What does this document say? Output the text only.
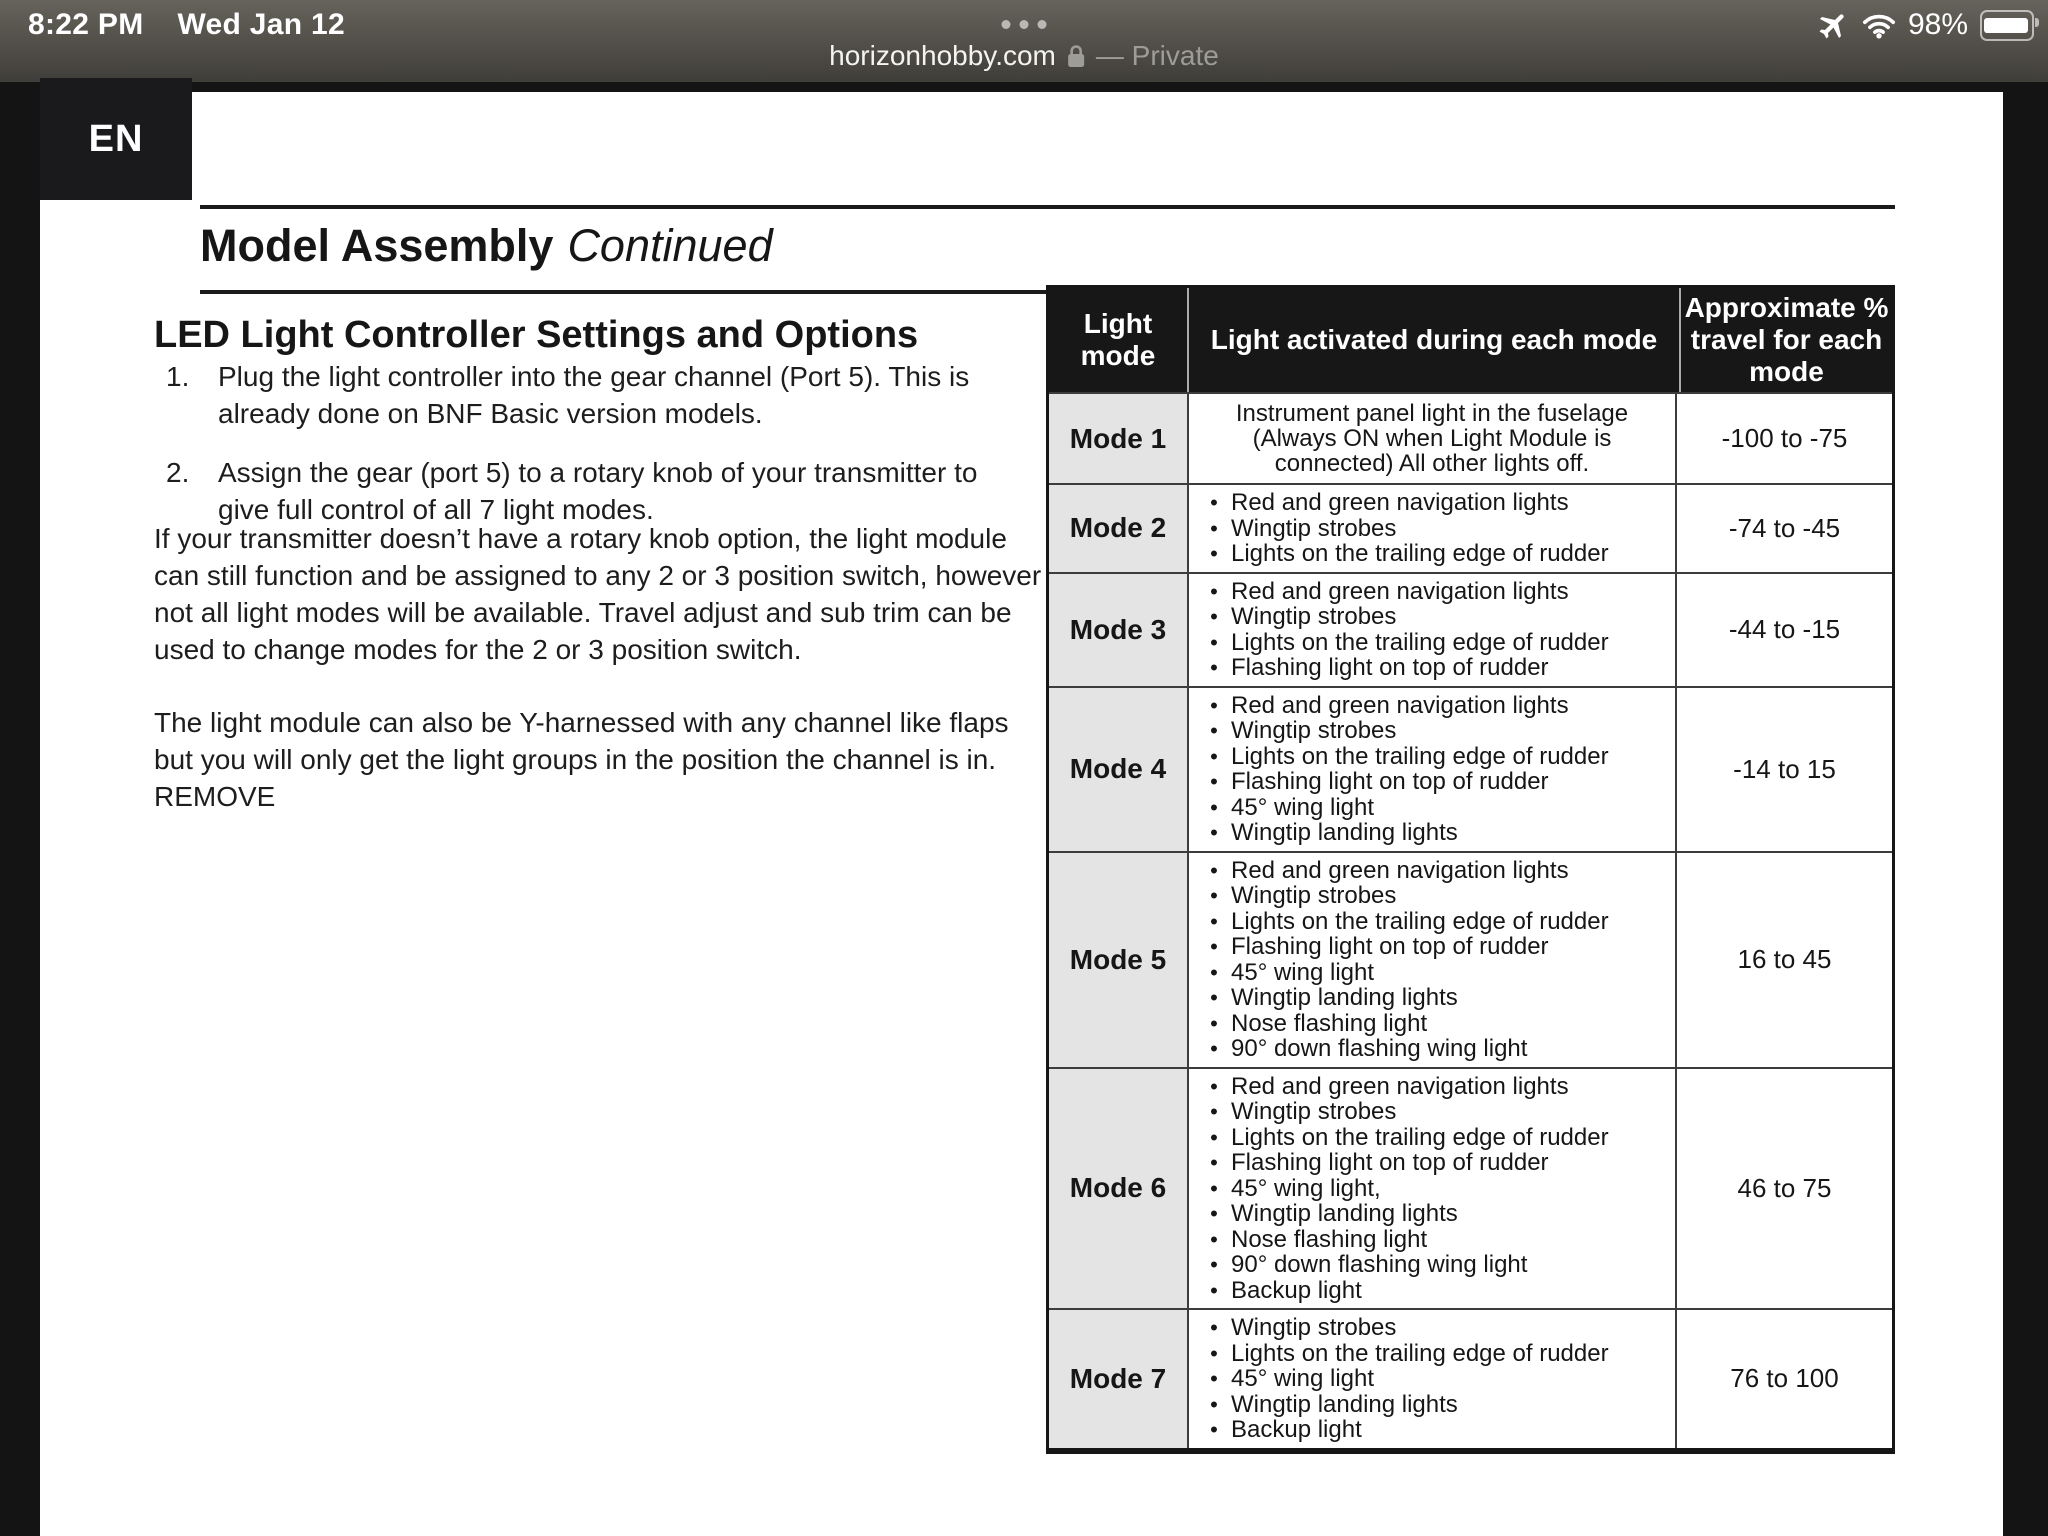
8:22 PM Wed Jan 12
horizonhobby.com — Private
98%
Model Assembly Continued
LED Light Controller Settings and Options
1.	Plug the light controller into the gear channel (Port 5). This is already done on BNF Basic version models.
2.	Assign the gear (port 5) to a rotary knob of your transmitter to give full control of all 7 light modes.
If your transmitter doesn’t have a rotary knob option, the light module can still function and be assigned to any 2 or 3 position switch, however not all light modes will be available. Travel adjust and sub trim can be used to change modes for the 2 or 3 position switch.
The light module can also be Y-harnessed with any channel like flaps but you will only get the light groups in the position the channel is in. REMOVE
Light mode
Light activated during each mode
Approximate % travel for each mode
Mode 1
Instrument panel light in the fuselage (Always ON when Light Module is connected) All other lights off.
-100 to -75
Mode 2
• Red and green navigation lights
• Wingtip strobes
• Lights on the trailing edge of rudder
-74 to -45
Mode 3
• Red and green navigation lights
• Wingtip strobes
• Lights on the trailing edge of rudder
• Flashing light on top of rudder
-44 to -15
Mode 4
• Red and green navigation lights
• Wingtip strobes
• Lights on the trailing edge of rudder
• Flashing light on top of rudder
• 45° wing light
• Wingtip landing lights
-14 to 15
Mode 5
• Red and green navigation lights
• Wingtip strobes
• Lights on the trailing edge of rudder
• Flashing light on top of rudder
• 45° wing light
• Wingtip landing lights
• Nose flashing light
• 90° down flashing wing light
16 to 45
Mode 6
• Red and green navigation lights
• Wingtip strobes
• Lights on the trailing edge of rudder
• Flashing light on top of rudder
• 45° wing light,
• Wingtip landing lights
• Nose flashing light
• 90° down flashing wing light
• Backup light
46 to 75
Mode 7
• Wingtip strobes
• Lights on the trailing edge of rudder
• 45° wing light
• Wingtip landing lights
• Backup light
76 to 100
EN
